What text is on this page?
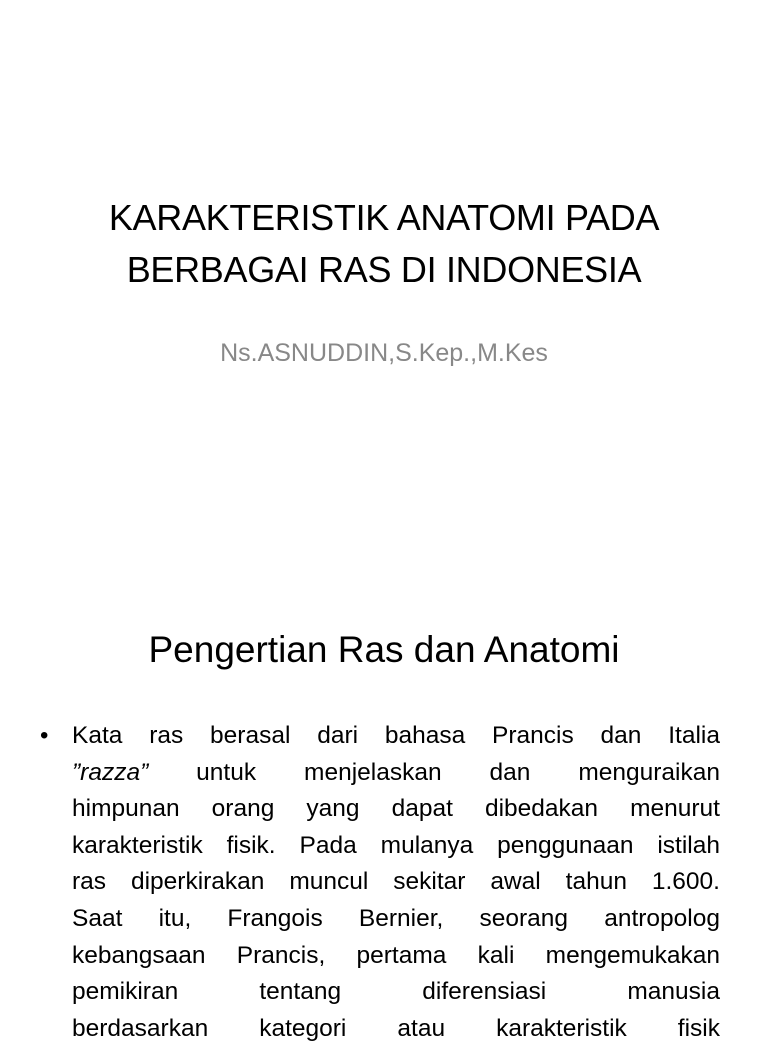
KARAKTERISTIK ANATOMI PADA
BERBAGAI RAS DI INDONESIA

Ns.ASNUDDIN,S.Kep.,M.Kes

Pengertian Ras dan Anatomi
• Kata ras berasal dari bahasa Prancis dan Italia
”razza” untuk menjelaskan dan menguraikan
himpunan orang yang dapat dibedakan menurut
karakteristik fisik. Pada mulanya penggunaan istilah
ras diperkirakan muncul sekitar awal tahun 1.600.
Saat itu, Frangois Bernier, seorang antropolog
kebangsaan Prancis, pertama kali mengemukakan
pemikiran tentang diferensiasi manusia
berdasarkan kategori atau karakteristik fisik
